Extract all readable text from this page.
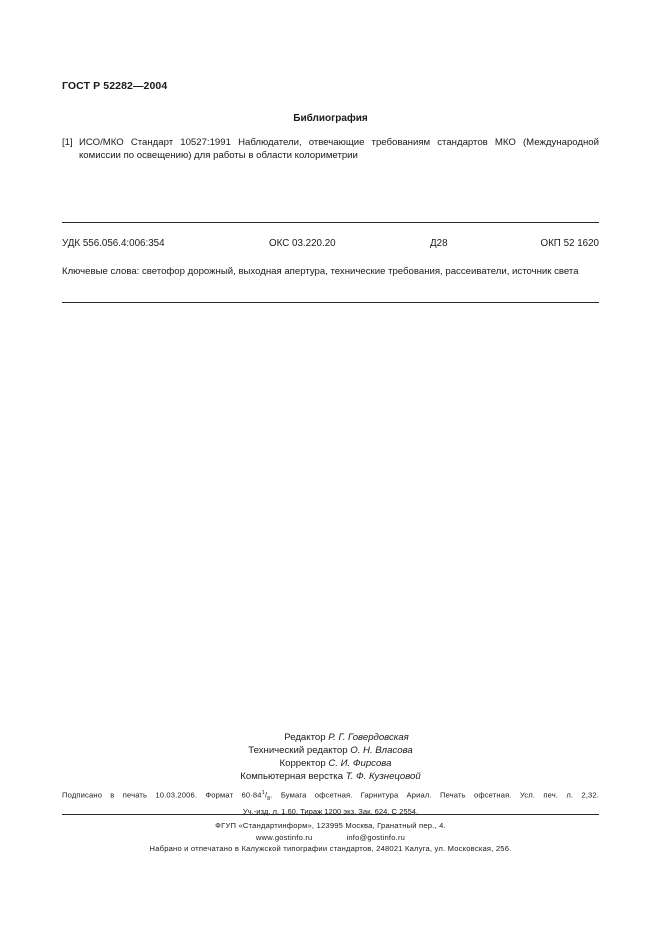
ГОСТ Р 52282—2004
Библиография
[1] ИСО/МКО Стандарт 10527:1991 Наблюдатели, отвечающие требованиям стандартов МКО (Международной комиссии по освещению) для работы в области колориметрии
УДК 556.056.4:006:354	ОКС 03.220.20	Д28	ОКП 52 1620
Ключевые слова: светофор дорожный, выходная апертура, технические требования, рассеиватели, источник света
Редактор Р. Г. Говердовская
Технический редактор О. Н. Власова
Корректор С. И. Фирсова
Компьютерная верстка Т. Ф. Кузнецовой
Подписано в печать 10.03.2006. Формат $60\cdot 84^1/_8$. Бумага офсетная. Гарнитура Ариал. Печать офсетная. Усл. печ. л. 2,32.
Уч.-изд. л. 1,60. Тираж 1200 экз. Зак. 624. С 2554.
ФГУП «Стандартинформ», 123995 Москва, Гранатный пер., 4.
www.gostinfo.ru	info@gostinfo.ru
Набрано и отпечатано в Калужской типографии стандартов, 248021 Калуга, ул. Московская, 256.
